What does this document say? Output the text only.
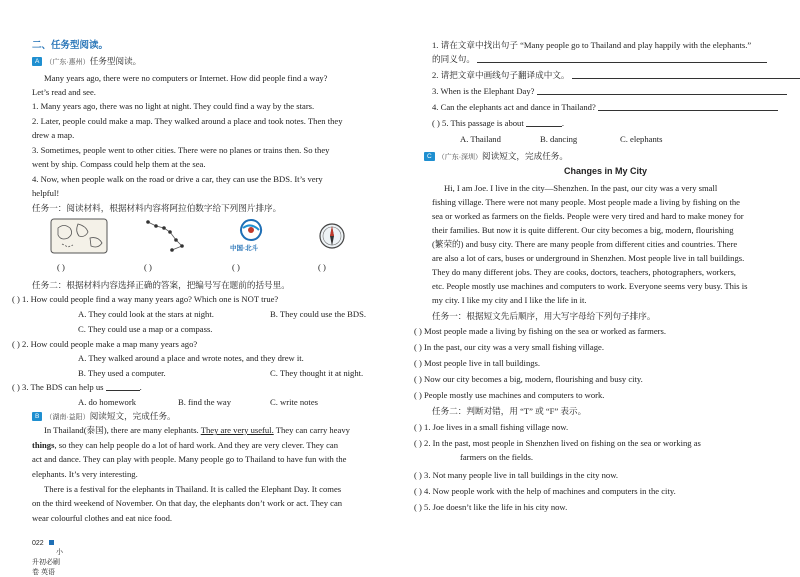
二、任务型阅读。
A （广东·惠州）任务型阅读。
Many years ago, there were no computers or Internet. How did people find a way?
Let’s read and see.
1. Many years ago, there was no light at night. They could find a way by the stars.
2. Later, people could make a map. They walked around a place and took notes. Then they
drew a map.
3. Sometimes, people went to other cities. There were no planes or trains then. So they
went by ship. Compass could help them at the sea.
4. Now, when people walk on the road or drive a car, they can use the BDS. It’s very
helpful!
任务一：阅读材料，根据材料内容将阿拉伯数字给下列图片排序。
中国·北斗
( )	( )	( )	( )
任务二：根据材料内容选择正确的答案，把编号写在题前的括号里。
( ) 1. How could people find a way many years ago? Which one is NOT true?
A. They could look at the stars at night.	B. They could use the BDS.
C. They could use a map or a compass.
( ) 2. How could people make a map many years ago?
A. They walked around a place and wrote notes, and they drew it.
B. They used a computer.	C. They thought it at night.
( ) 3. The BDS can help us	.
A. do homework	B. find the way	C. write notes
B （湖南·益阳）阅读短文，完成任务。
In Thailand(泰国), there are many elephants. They are very useful. They can carry heavy
things, so they can help people do a lot of hard work. And they are very clever. They can
act and dance. They can play with people. Many people go to Thailand to have fun with the
elephants. It’s very interesting.
There is a festival for the elephants in Thailand. It is called the Elephant Day. It comes
on the third weekend of November. On that day, the elephants don’t work or act. They can
wear colourful clothes and eat nice food.
022  小升初必刷卷 英语
1. 请在文章中找出句子 “Many people go to Thailand and play happily with the elephants.”
的同义句。
2. 请把文章中画线句子翻译成中文。
3. When is the Elephant Day?
4. Can the elephants act and dance in Thailand?
( ) 5. This passage is about	.
A. Thailand	B. dancing	C. elephants
C （广东·深圳）阅读短文，完成任务。
Changes in My City
Hi, I am Joe. I live in the city—Shenzhen. In the past, our city was a very small
fishing village. There were not many people. Most people made a living by fishing on the
sea or worked as farmers on the fields. People were very tired and hard to make money for
their families. But now it is quite different. Our city becomes a big, modern, flourishing
(繁荣的) and busy city. There are many people from different cities and countries. There
are also a lot of cars, buses or underground in Shenzhen. Most people live in tall buildings.
They do many different jobs. They are cooks, doctors, teachers, photographers, workers,
etc. People mostly use machines and computers to work. Everyone seems very busy. This is
my city. I like my city and I like the life in it.
任务一：根据短文先后顺序，用大写字母给下列句子排序。
( ) Most people made a living by fishing on the sea or worked as farmers.
( ) In the past, our city was a very small fishing village.
( ) Most people live in tall buildings.
( ) Now our city becomes a big, modern, flourishing and busy city.
( ) People mostly use machines and computers to work.
任务二：判断对错，用 “T” 或 “F” 表示。
( ) 1. Joe lives in a small fishing village now.
( ) 2. In the past, most people in Shenzhen lived on fishing on the sea or working as
farmers on the fields.
( ) 3. Not many people live in tall buildings in the city now.
( ) 4. Now people work with the help of machines and computers in the city.
( ) 5. Joe doesn’t like the life in his city now.
